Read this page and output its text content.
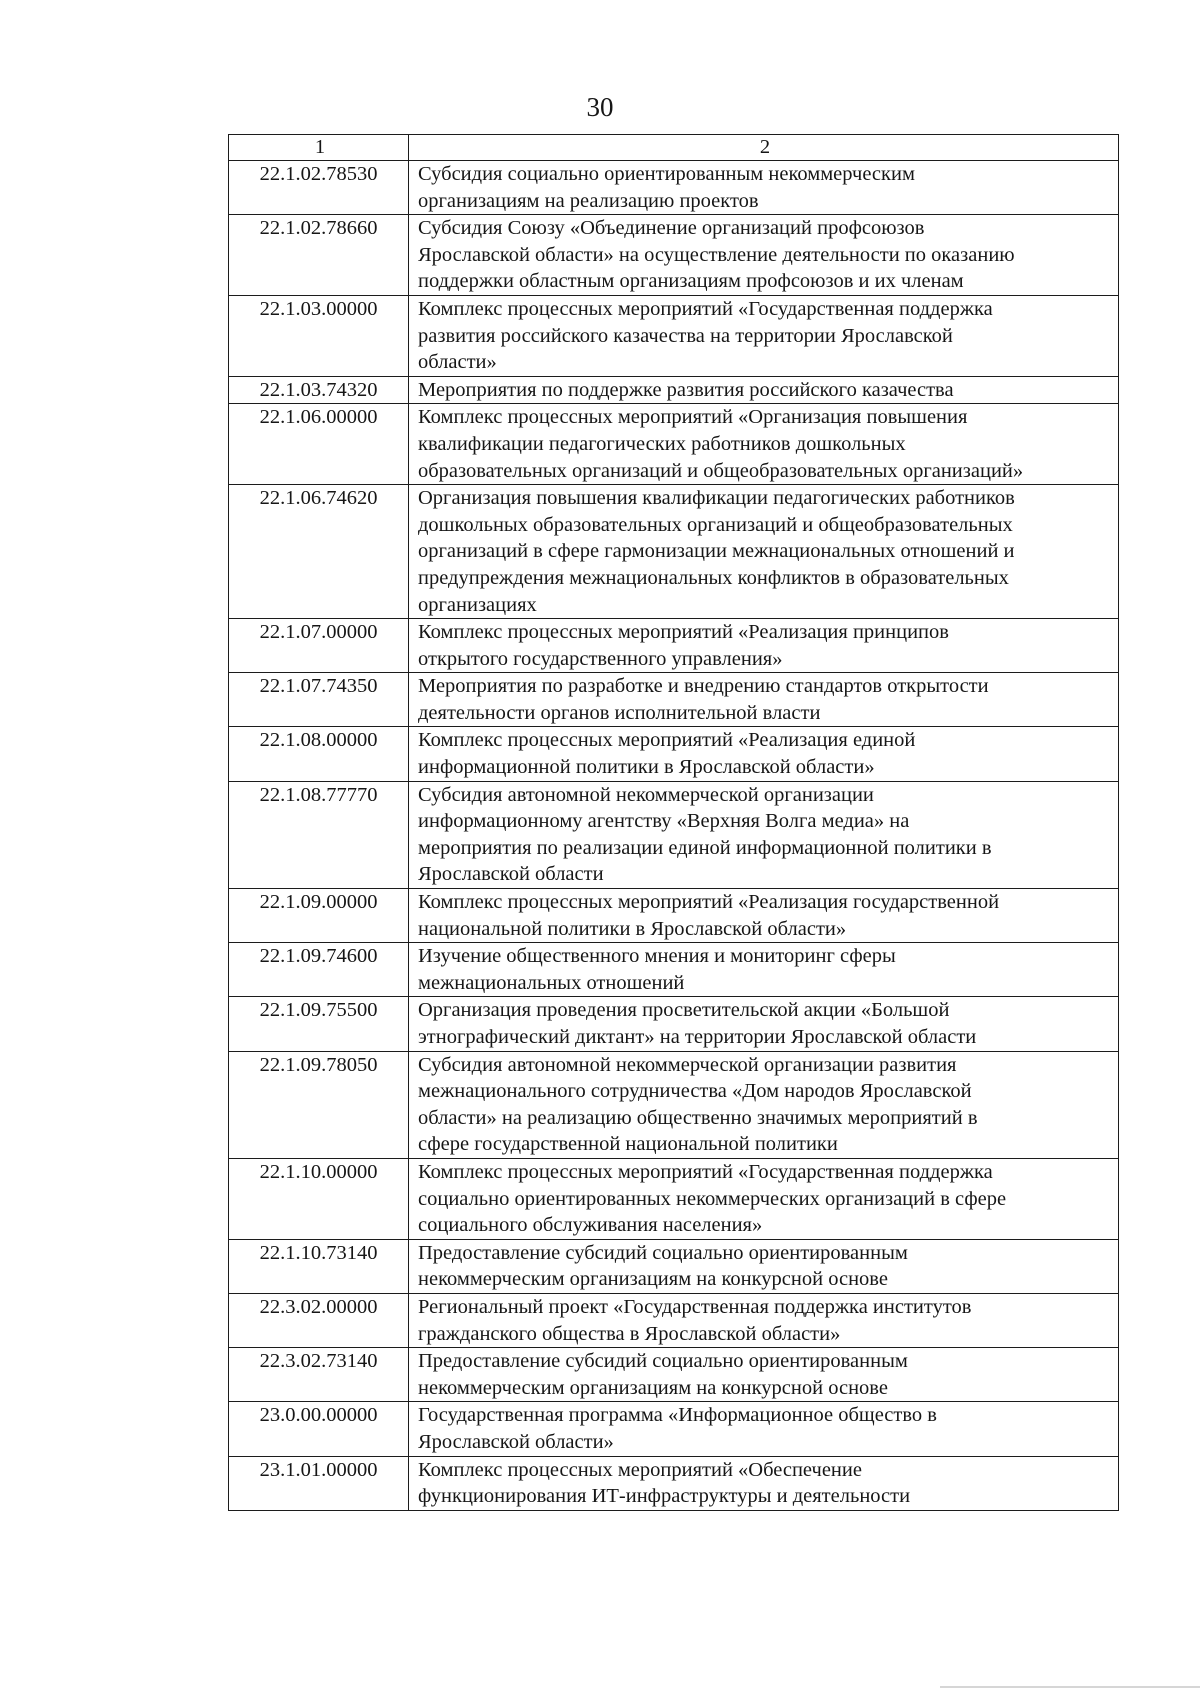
30
1	2
22.1.02.78530	Субсидия социально ориентированным некоммерческим
организациям на реализацию проектов

22.1.02.78660	Субсидия Союзу «Объединение организаций профсоюзов
Ярославской области» на осуществление деятельности по оказанию
поддержки областным организациям профсоюзов и их членам

22.1.03.00000	Комплекс процессных мероприятий «Государственная поддержка
развития российского казачества на территории Ярославской
области»

22.1.03.74320	Мероприятия по поддержке развития российского казачества

22.1.06.00000	Комплекс процессных мероприятий «Организация повышения
квалификации педагогических работников дошкольных
образовательных организаций и общеобразовательных организаций»

22.1.06.74620	Организация повышения квалификации педагогических работников
дошкольных образовательных организаций и общеобразовательных
организаций в сфере гармонизации межнациональных отношений и
предупреждения межнациональных конфликтов в образовательных
организациях

22.1.07.00000	Комплекс процессных мероприятий «Реализация принципов
открытого государственного управления»

22.1.07.74350	Мероприятия по разработке и внедрению стандартов открытости
деятельности органов исполнительной власти

22.1.08.00000	Комплекс процессных мероприятий «Реализация единой
информационной политики в Ярославской области»

22.1.08.77770	Субсидия автономной некоммерческой организации
информационному агентству «Верхняя Волга медиа» на
мероприятия по реализации единой информационной политики в
Ярославской области

22.1.09.00000	Комплекс процессных мероприятий «Реализация государственной
национальной политики в Ярославской области»

22.1.09.74600	Изучение общественного мнения и мониторинг сферы
межнациональных отношений

22.1.09.75500	Организация проведения просветительской акции «Большой
этнографический диктант» на территории Ярославской области

22.1.09.78050	Субсидия автономной некоммерческой организации развития
межнационального сотрудничества «Дом народов Ярославской
области» на реализацию общественно значимых мероприятий в
сфере государственной национальной политики

22.1.10.00000	Комплекс процессных мероприятий «Государственная поддержка
социально ориентированных некоммерческих организаций в сфере
социального обслуживания населения»

22.1.10.73140	Предоставление субсидий социально ориентированным
некоммерческим организациям на конкурсной основе

22.3.02.00000	Региональный проект «Государственная поддержка институтов
гражданского общества в Ярославской области»

22.3.02.73140	Предоставление субсидий социально ориентированным
некоммерческим организациям на конкурсной основе

23.0.00.00000	Государственная программа «Информационное общество в
Ярославской области»

23.1.01.00000	Комплекс процессных мероприятий «Обеспечение
функционирования ИТ-инфраструктуры и деятельности
